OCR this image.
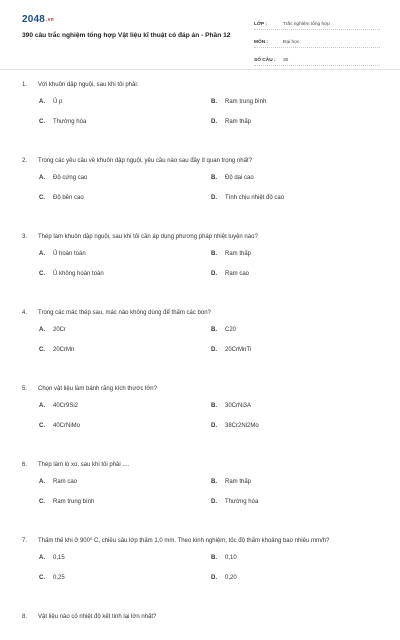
2048.vn
390 câu trắc nghiệm tổng hợp Vật liệu kĩ thuật có đáp án - Phần 12
LỚP :	Trắc nghiệm tổng hợp
MÔN :	Đại học
SỐ CÂU :	30
1.	Với khuôn dập nguội, sau khi tôi phải:
A.	Ủ p	B.	Ram trung bình
C.	Thường hóa	D.	Ram thấp
2.	Trong các yêu cầu về khuôn dập nguội, yêu cầu nào sau đây ít quan trọng nhất?
A.	Độ cứng cao	B.	Độ dai cao
C.	Độ bền cao	D.	Tính chịu nhiệt độ cao
3.	Thép làm khuôn dập nguội, sau khi tôi cần áp dụng phương pháp nhiệt luyện nào?
A.	Ủ hoàn toàn	B.	Ram thấp
C.	Ủ không hoàn toàn	D.	Ram cao
4.	Trong các mác thép sau, mác nào không dùng để thấm các bon?
A.	20Cr	B.	C20
C.	20CrMn	D.	20CrMnTi
5.	Chọn vật liệu làm bánh răng kích thước lớn?
A.	40Cr9Si2	B.	30CrNi3A
C.	40CrNiMo	D.	38Cr2Ni2Mo
6.	Thép làm lò xo, sau khi tôi phải ....
A.	Ram cao	B.	Ram thấp
C.	Ram trung bình	D.	Thường hóa
7.	Thấm thế khi ở 900⁰ C, chiều sâu lớp thấm 1,0 mm. Theo kinh nghiệm, tốc độ thấm khoảng bao nhiêu mm/h?
A.	0,15	B.	0,10
C.	0,25	D.	0,20
8.	Vật liệu nào có nhiệt độ kết tinh lại lớn nhất?
